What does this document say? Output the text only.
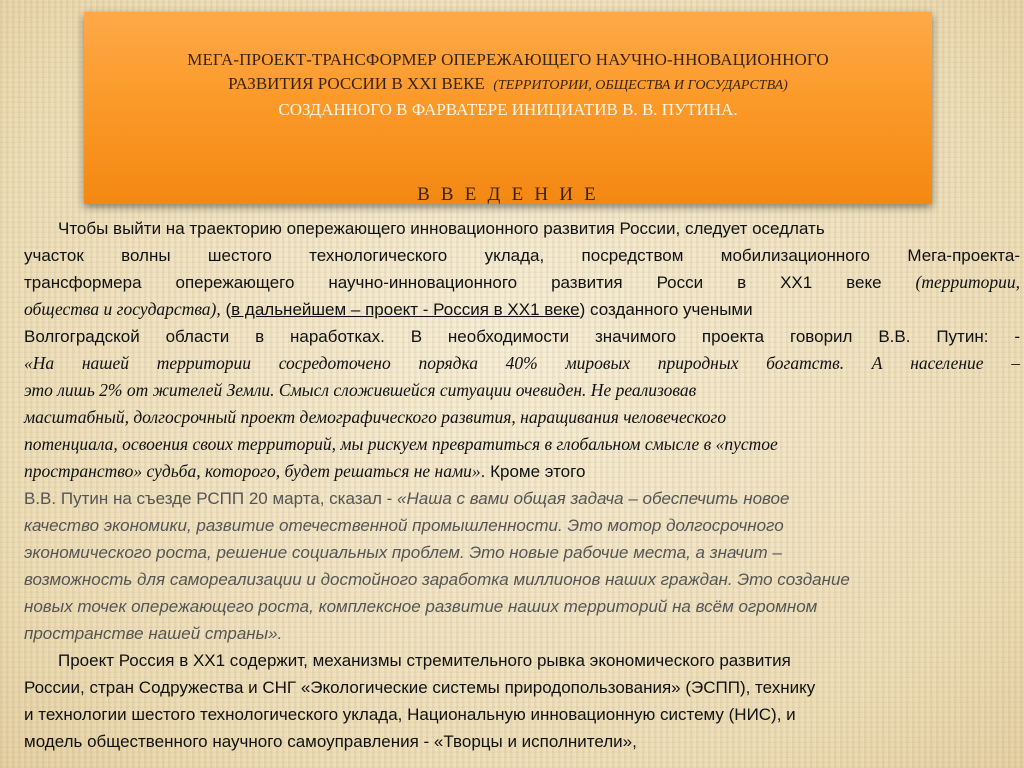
МЕГА-ПРОЕКТ-ТРАНСФОРМЕР ОПЕРЕЖАЮЩЕГО НАУЧНО-ННОВАЦИОННОГО
РАЗВИТИЯ РОССИИ В XXI ВЕКЕ (ТЕРРИТОРИИ, ОБЩЕСТВА И ГОСУДАРСТВА)
СОЗДАННОГО В ФАРВАТЕРЕ ИНИЦИАТИВ В. В. ПУТИНА.
В В Е Д Е Н И Е
Чтобы выйти на траекторию опережающего инновационного развития России, следует оседлать
участок волны шестого технологического уклада, посредством мобилизационного Мега-проекта-
трансформера опережающего научно-инновационного развития Росси в XX1 веке (территории,
общества и государства), (в дальнейшем – проект - Россия в XX1 веке) созданного учеными
Волгоградской области в наработках. В необходимости значимого проекта говорил В.В. Путин: -
«На нашей территории сосредоточено порядка 40% мировых природных богатств. А население –
это лишь 2% от жителей Земли. Смысл сложившейся ситуации очевиден. Не реализовав
масштабный, долгосрочный проект демографического развития, наращивания человеческого
потенциала, освоения своих территорий, мы рискуем превратиться в глобальном смысле в «пустое
пространство» судьба, которого, будет решаться не нами». Кроме этого
В.В. Путин на съезде РСПП 20 марта, сказал - «Наша с вами общая задача – обеспечить новое
качество экономики, развитие отечественной промышленности. Это мотор долгосрочного
экономического роста, решение социальных проблем. Это новые рабочие места, а значит –
возможность для самореализации и достойного заработка миллионов наших граждан. Это создание
новых точек опережающего роста, комплексное развитие наших территорий на всём огромном
пространстве нашей страны».
Проект Россия в XX1 содержит, механизмы стремительного рывка экономического развития
России, стран Содружества и СНГ «Экологические системы природопользования» (ЭСПП), технику
и технологии шестого технологического уклада, Национальную инновационную систему (НИС), и
модель общественного научного самоуправления - «Творцы и исполнители»,
